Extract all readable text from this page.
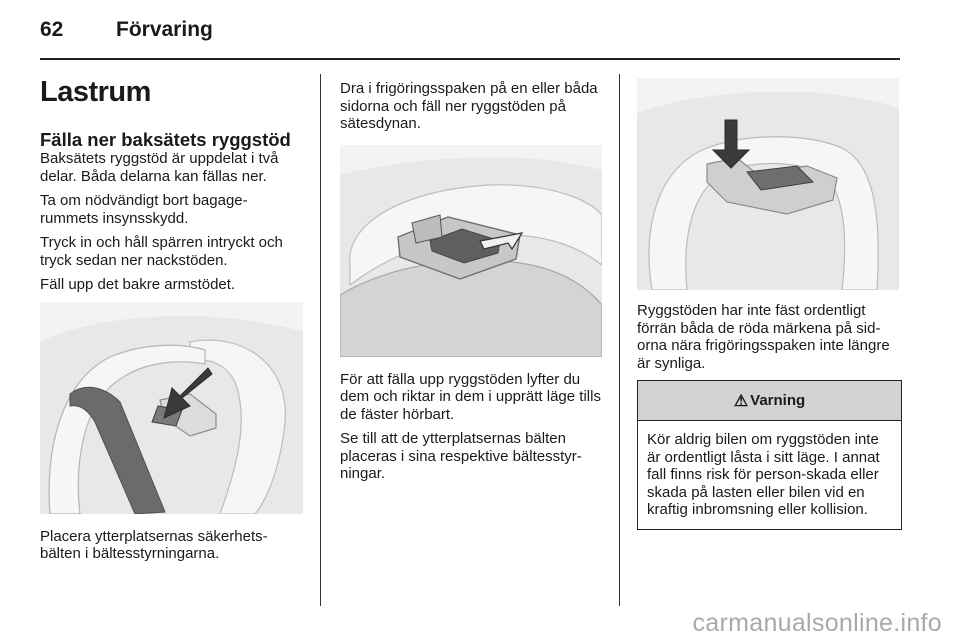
62	Förvaring
Lastrum
Fälla ner baksätets ryggstöd

Baksätets ryggstöd är uppdelat i två delar. Båda delarna kan fällas ner.

Ta om nödvändigt bort bagage-rummets insynsskydd.

Tryck in och håll spärren intryckt och tryck sedan ner nackstöden.

Fäll upp det bakre armstödet.

Placera ytterplatsernas säkerhets-bälten i bältesstyrningarna.

Dra i frigöringsspaken på en eller båda sidorna och fäll ner ryggstöden på sätesdynan.

För att fälla upp ryggstöden lyfter du dem och riktar in dem i upprätt läge tills de fäster hörbart.

Se till att de ytterplatsernas bälten placeras i sina respektive bältesstyr-ningar.

Ryggstöden har inte fäst ordentligt förrän båda de röda märkena på sid-orna nära frigöringsspaken inte längre är synliga.

⚠ Varning
Kör aldrig bilen om ryggstöden inte är ordentligt låsta i sitt läge. I annat fall finns risk för person-skada eller skada på lasten eller bilen vid en kraftig inbromsning eller kollision.
carmanualsonline.info
